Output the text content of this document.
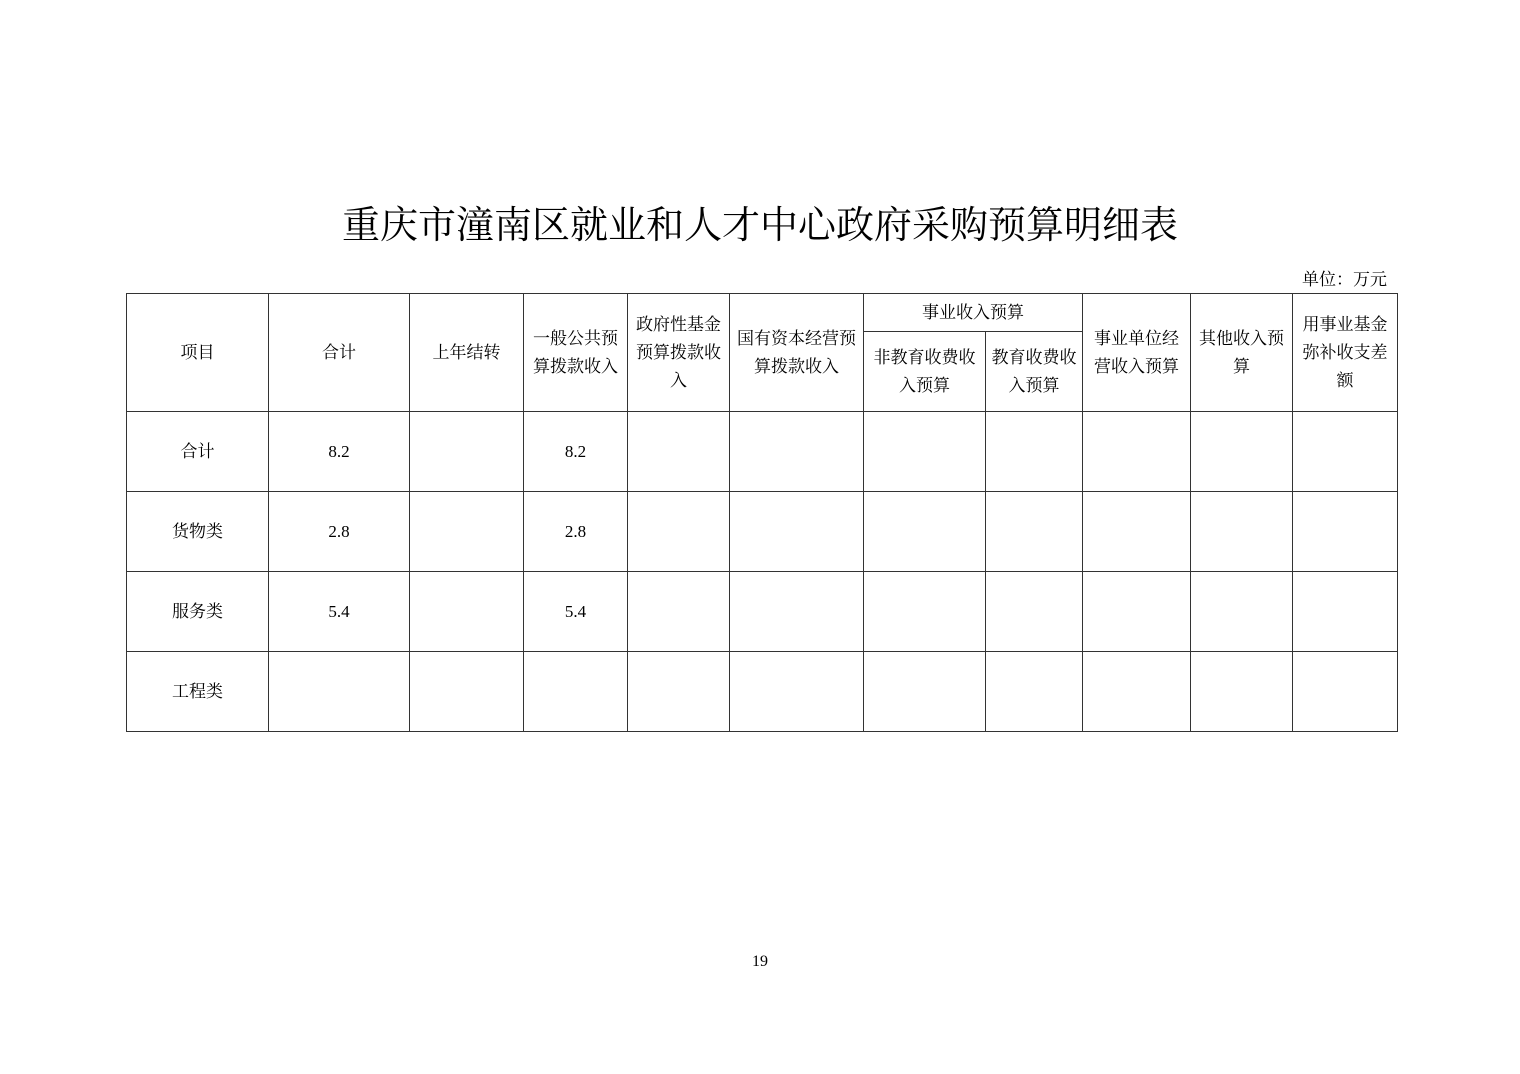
重庆市潼南区就业和人才中心政府采购预算明细表
单位：万元
项目	合计	上年结转	一般公共预算拨款收入	政府性基金预算拨款收入	国有资本经营预算拨款收入	事业收入预算		事业单位经营收入预算	其他收入预算	用事业基金弥补收支差额
						非教育收费收入预算	教育收费收入预算			
合计	8.2		8.2							
货物类	2.8		2.8							
服务类	5.4		5.4							
工程类										
19
